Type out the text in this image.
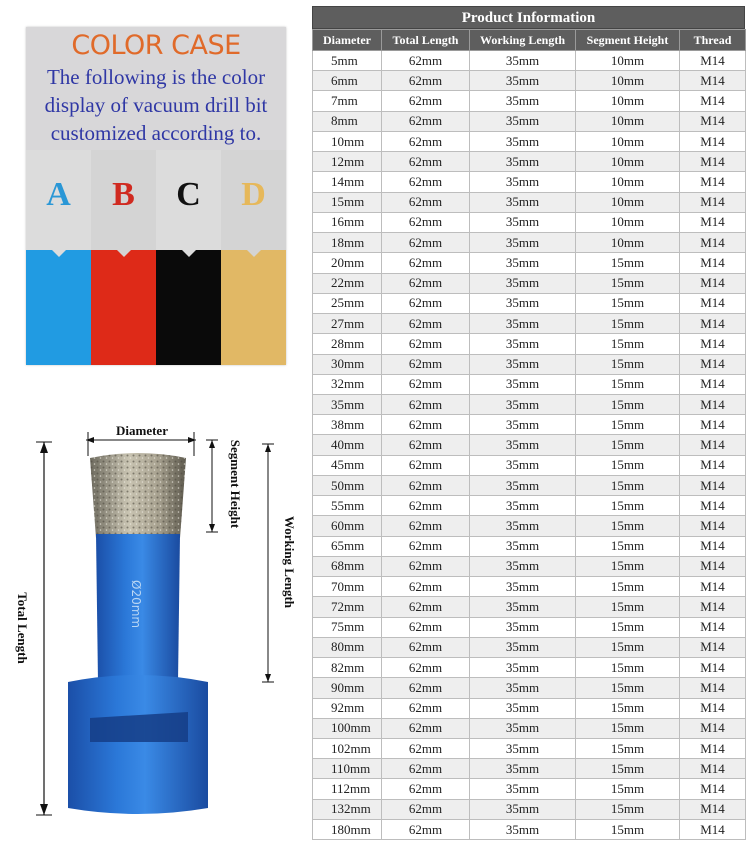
COLOR CASE
The following is the color display of vacuum drill bit customized according to.
A	B	C	D
Ø20mm
Diameter
Segment Height
Working Length
Total Length
Product Information
Diameter	Total Length	Working Length	Segment Height	Thread
5mm	62mm	35mm	10mm	M14
6mm	62mm	35mm	10mm	M14
7mm	62mm	35mm	10mm	M14
8mm	62mm	35mm	10mm	M14
10mm	62mm	35mm	10mm	M14
12mm	62mm	35mm	10mm	M14
14mm	62mm	35mm	10mm	M14
15mm	62mm	35mm	10mm	M14
16mm	62mm	35mm	10mm	M14
18mm	62mm	35mm	10mm	M14
20mm	62mm	35mm	15mm	M14
22mm	62mm	35mm	15mm	M14
25mm	62mm	35mm	15mm	M14
27mm	62mm	35mm	15mm	M14
28mm	62mm	35mm	15mm	M14
30mm	62mm	35mm	15mm	M14
32mm	62mm	35mm	15mm	M14
35mm	62mm	35mm	15mm	M14
38mm	62mm	35mm	15mm	M14
40mm	62mm	35mm	15mm	M14
45mm	62mm	35mm	15mm	M14
50mm	62mm	35mm	15mm	M14
55mm	62mm	35mm	15mm	M14
60mm	62mm	35mm	15mm	M14
65mm	62mm	35mm	15mm	M14
68mm	62mm	35mm	15mm	M14
70mm	62mm	35mm	15mm	M14
72mm	62mm	35mm	15mm	M14
75mm	62mm	35mm	15mm	M14
80mm	62mm	35mm	15mm	M14
82mm	62mm	35mm	15mm	M14
90mm	62mm	35mm	15mm	M14
92mm	62mm	35mm	15mm	M14
100mm	62mm	35mm	15mm	M14
102mm	62mm	35mm	15mm	M14
110mm	62mm	35mm	15mm	M14
112mm	62mm	35mm	15mm	M14
132mm	62mm	35mm	15mm	M14
180mm	62mm	35mm	15mm	M14
